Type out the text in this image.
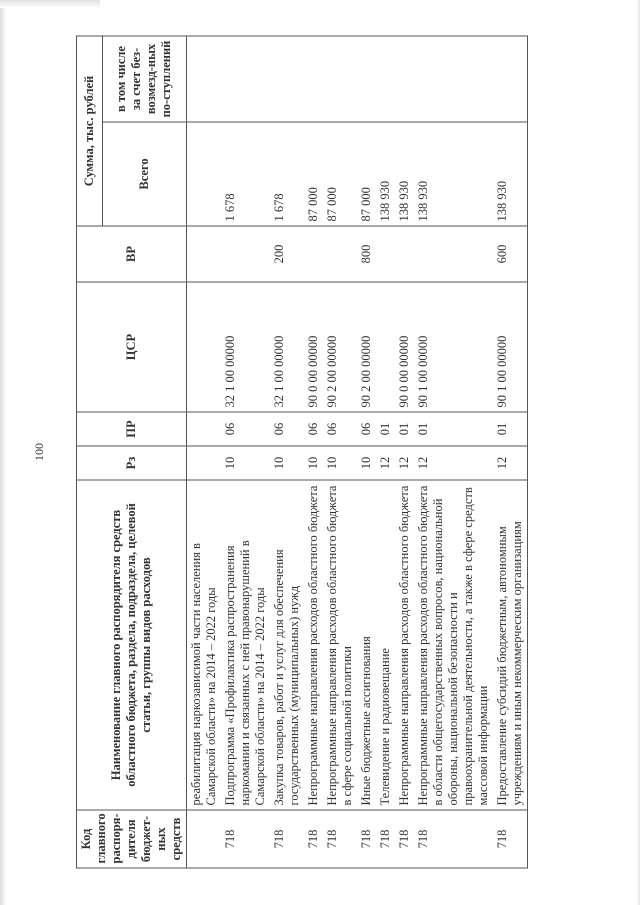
100
Код главного распоря-дителя бюджет-ных средств	Наименование главного распорядителя средств областного бюджета, раздела, подраздела, целевой статьи, группы видов расходов	Рз	ПР	ЦСР	ВР	Сумма, тыс. рублей	
						Всего	в том числе за счет без-возмезд-ных по-ступлений
	реабилитация наркозависимой части населения в Самарской области» на 2014 – 2022 годы						
718	Подпрограмма «Профилактика распространения наркомании и связанных с ней правонарушений в Самарской области» на 2014 – 2022 годы	10	06	32 1 00 00000		1 678	
718	Закупка товаров, работ и услуг для обеспечения государственных (муниципальных) нужд	10	06	32 1 00 00000	200	1 678	
718	Непрограммные направления расходов областного бюджета	10	06	90 0 00 00000		87 000	
718	Непрограммные направления расходов областного бюджета в сфере социальной политики	10	06	90 2 00 00000		87 000	
718	Иные бюджетные ассигнования	10	06	90 2 00 00000	800	87 000	
718	Телевидение и радиовещание	12	01			138 930	
718	Непрограммные направления расходов областного бюджета	12	01	90 0 00 00000		138 930	
718	Непрограммные направления расходов областного бюджета в области общегосударственных вопросов, национальной обороны, национальной безопасности и правоохранительной деятельности, а также в сфере средств массовой информации	12	01	90 1 00 00000		138 930	
718	Предоставление субсидий бюджетным, автономным учреждениям и иным некоммерческим организациям	12	01	90 1 00 00000	600	138 930	
